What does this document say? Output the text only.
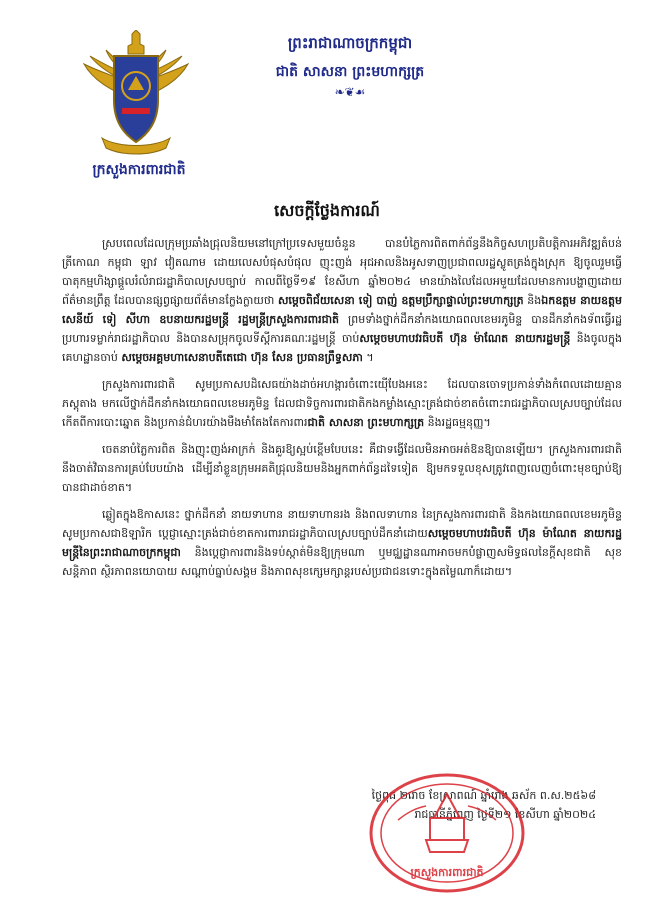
ក្រសួងការពារជាតិ
ព្រះរាជាណាចក្រកម្ពុជា
ជាតិ សាសនា ព្រះមហាក្សត្រ
❧❦☙
សេចក្តីថ្លែងការណ៍

ស្របពេលដែលក្រុមប្រឆាំងជ្រុលនិយមនៅក្រៅប្រទេសមួយចំនួន បានបំភ្លៃការពិតពាក់ព័ន្ធនឹងកិច្ចសហប្រតិបត្តិការអភិវឌ្ឍតំបន់ត្រីកោណ កម្ពុជា ឡាវ វៀតណាម ដោយលេសបំផុសបំផុល ញុះញង់ អុជអាលនិងអូសទាញប្រជាពលរដ្ឋស្លូតត្រង់ក្នុងស្រុក ឱ្យចូលរួមធ្វើបាតុកម្មហិង្សាផ្តួលរំលំរាជរដ្ឋាភិបាលស្របច្បាប់ កាលពីថ្ងៃទី១៩ ខែសីហា ឆ្នាំ២០២៤ មានយ៉ាងលៃដែលអមួយដែលមានការបង្ហាញដោយព័ត៌មានព្រឹត្ត ដែលបានផ្សព្វផ្សាយព័ត៌មានក្លែងក្លាយថា សម្តេចពិជ័យសេនា ទៀ បាញ់ ឧត្តមប្រឹក្សាផ្ទាល់ព្រះមហាក្សត្រ និងឯកឧត្តម នាយឧត្តមសេនីយ៍ ទៀ សីហា ឧបនាយករដ្ឋមន្ត្រី រដ្ឋមន្ត្រីក្រសួងការពារជាតិ ព្រមទាំងថ្នាក់ដឹកនាំកងយោធពលខេមរភូមិន្ទ បានដឹកនាំកងទ័ពធ្វើរដ្ឋប្រហារទម្លាក់រាជរដ្ឋាភិបាល និងបានសម្រុកចូលទីស្តីការគណៈរដ្ឋមន្ត្រី ចាប់សម្តេចមហាបវរធិបតី ហ៊ុន ម៉ាណែត នាយករដ្ឋមន្ត្រី និងចូលក្នុងគេហដ្ឋានចាប់ សម្តេចអគ្គមហាសេនាបតីតេជោ ហ៊ុន សែន ប្រធានព្រឹទ្ធសភា ។

ក្រសួងការពារជាតិ សូមប្រកាសបដិសេធយ៉ាងដាច់អហង្ការចំពោះយ៉ើបែងអនេះ ដែលបានចោទប្រកាន់ទាំងកំពេលដោយគ្មានភស្តុតាង មកលើថ្នាក់ដឹកនាំកងយោធពលខេមរភូមិន្ទ ដែលជាទិច្ចការពារជាតិកងកម្លាំងស្មោះត្រង់ជាច់ខាតចំពោះរាជរដ្ឋាភិបាលស្របច្បាប់ដែលកើតពីការបោះឆ្នោត និងប្រកាន់ជំហរយ៉ាងមឺងមាំតែងតែការពារជាតិ សាសនា ព្រះមហាក្សត្រ និងរដ្ឋធម្មនុញ្ញ។

ចេតនាបំភ្លៃការពិត និងញុះញង់អាក្រក់ និងគួរឱ្យស្អប់ខ្ពើមបែបនេះ គឺជាទង្វើដែលមិនអាចអត់ឱនឱ្យបានឡើយ។ ក្រសួងការពារជាតិនឹងចាត់វិធានការគ្រប់បែបយ៉ាង ដើម្បីនាំខ្លួនក្រុមអគតិជ្រុលនិយមនិងអ្នកពាក់ព័ន្ធដទៃទៀត ឱ្យមកទទួលខុសត្រូវពេញលេញចំពោះមុខច្បាប់ឱ្យបានជាដាច់ខាត។

ឆ្លៀតក្នុងឱកាសនេះ ថ្នាក់ដឹកនាំ នាយទាហាន នាយទាហានរង និងពលទាហាន នៃក្រសួងការពារជាតិ និងកងយោធពលខេមរភូមិន្ទ សូមប្រកាសជាឱឡារិក ប្តេជ្ញាស្មោះត្រង់ជាច់ខាតការពាររាជរដ្ឋាភិបាលស្របច្បាប់ដឹកនាំដោយសម្តេចមហាបវរធិបតី ហ៊ុន ម៉ាណែត នាយករដ្ឋមន្ត្រីនៃព្រះរាជាណាចក្រកម្ពុជា និងប្តេជ្ញាការពារនិងទប់ស្កាត់មិនឱ្យក្រុមណា ឬមជ្ឈដ្ឋានណាអាចមកបំផ្លាញសមិទ្ធផលនៃក្តីសុខជាតិ សុខសន្តិភាព ស្ថិរភាពនយោបាយ សណ្តាប់ធ្នាប់សង្គម និងភាពសុខក្សេមក្សាន្តរបស់ប្រជាជនទោះក្នុងតម្លៃណាក៏ដោយ។

ថ្ងៃពុធ ២រោច ខែស្រាពណ៍ ឆ្នាំរោង ឆស័ក ព.ស.២៥៦៨
រាជធានីភ្នំពេញ ថ្ងៃទី២១ ខែសីហា ឆ្នាំ២០២៤
ក្រសួងការពារជាតិ
